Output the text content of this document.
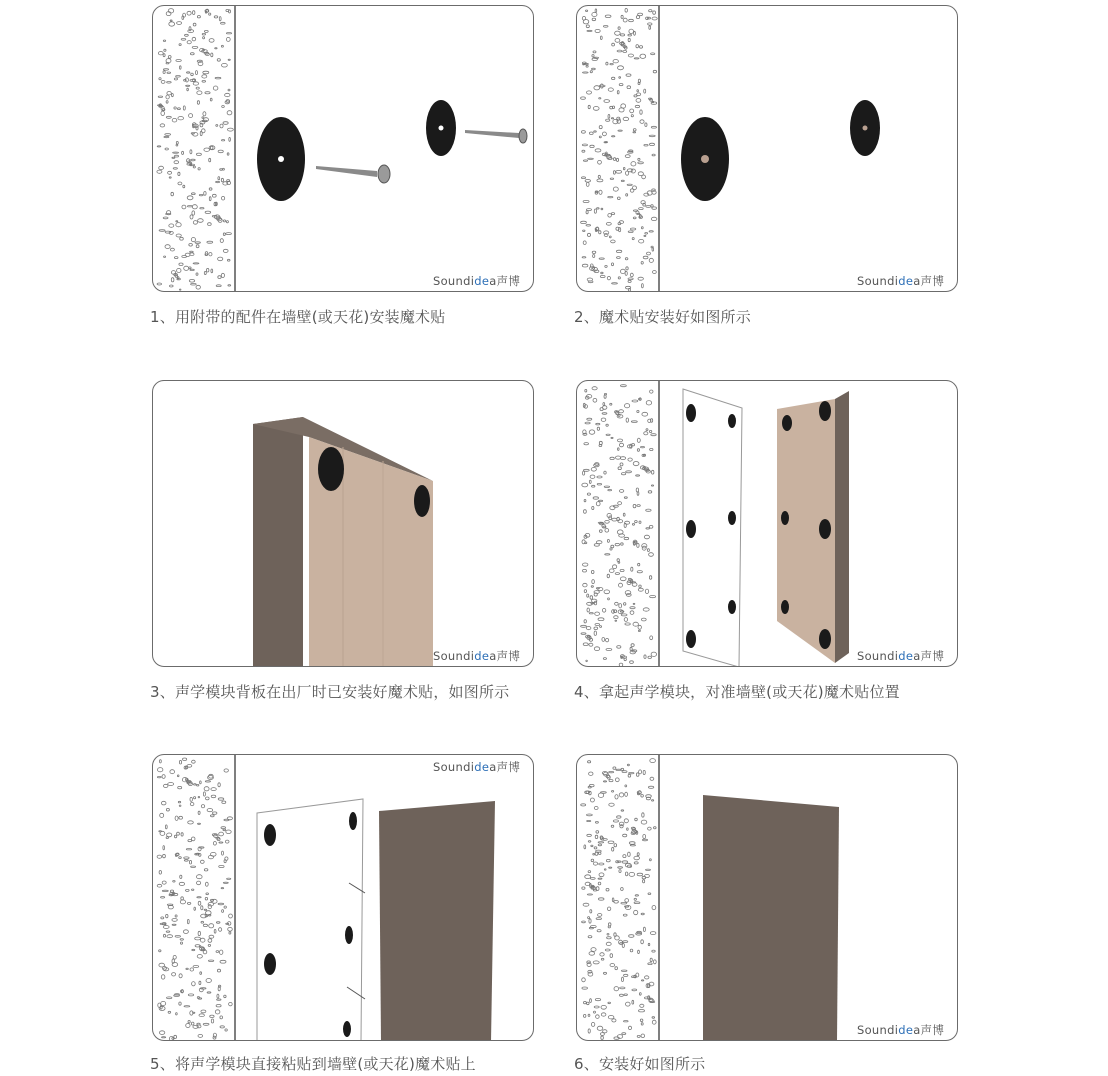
Soundidea声博
1、用附带的配件在墙壁(或天花)安装魔术贴
Soundidea声博
2、魔术贴安装好如图所示
Soundidea声博
3、声学模块背板在出厂时已安装好魔术贴，如图所示
Soundidea声博
4、拿起声学模块，对准墙壁(或天花)魔术贴位置
Soundidea声博
5、将声学模块直接粘贴到墙壁(或天花)魔术贴上
Soundidea声博
6、安装好如图所示
